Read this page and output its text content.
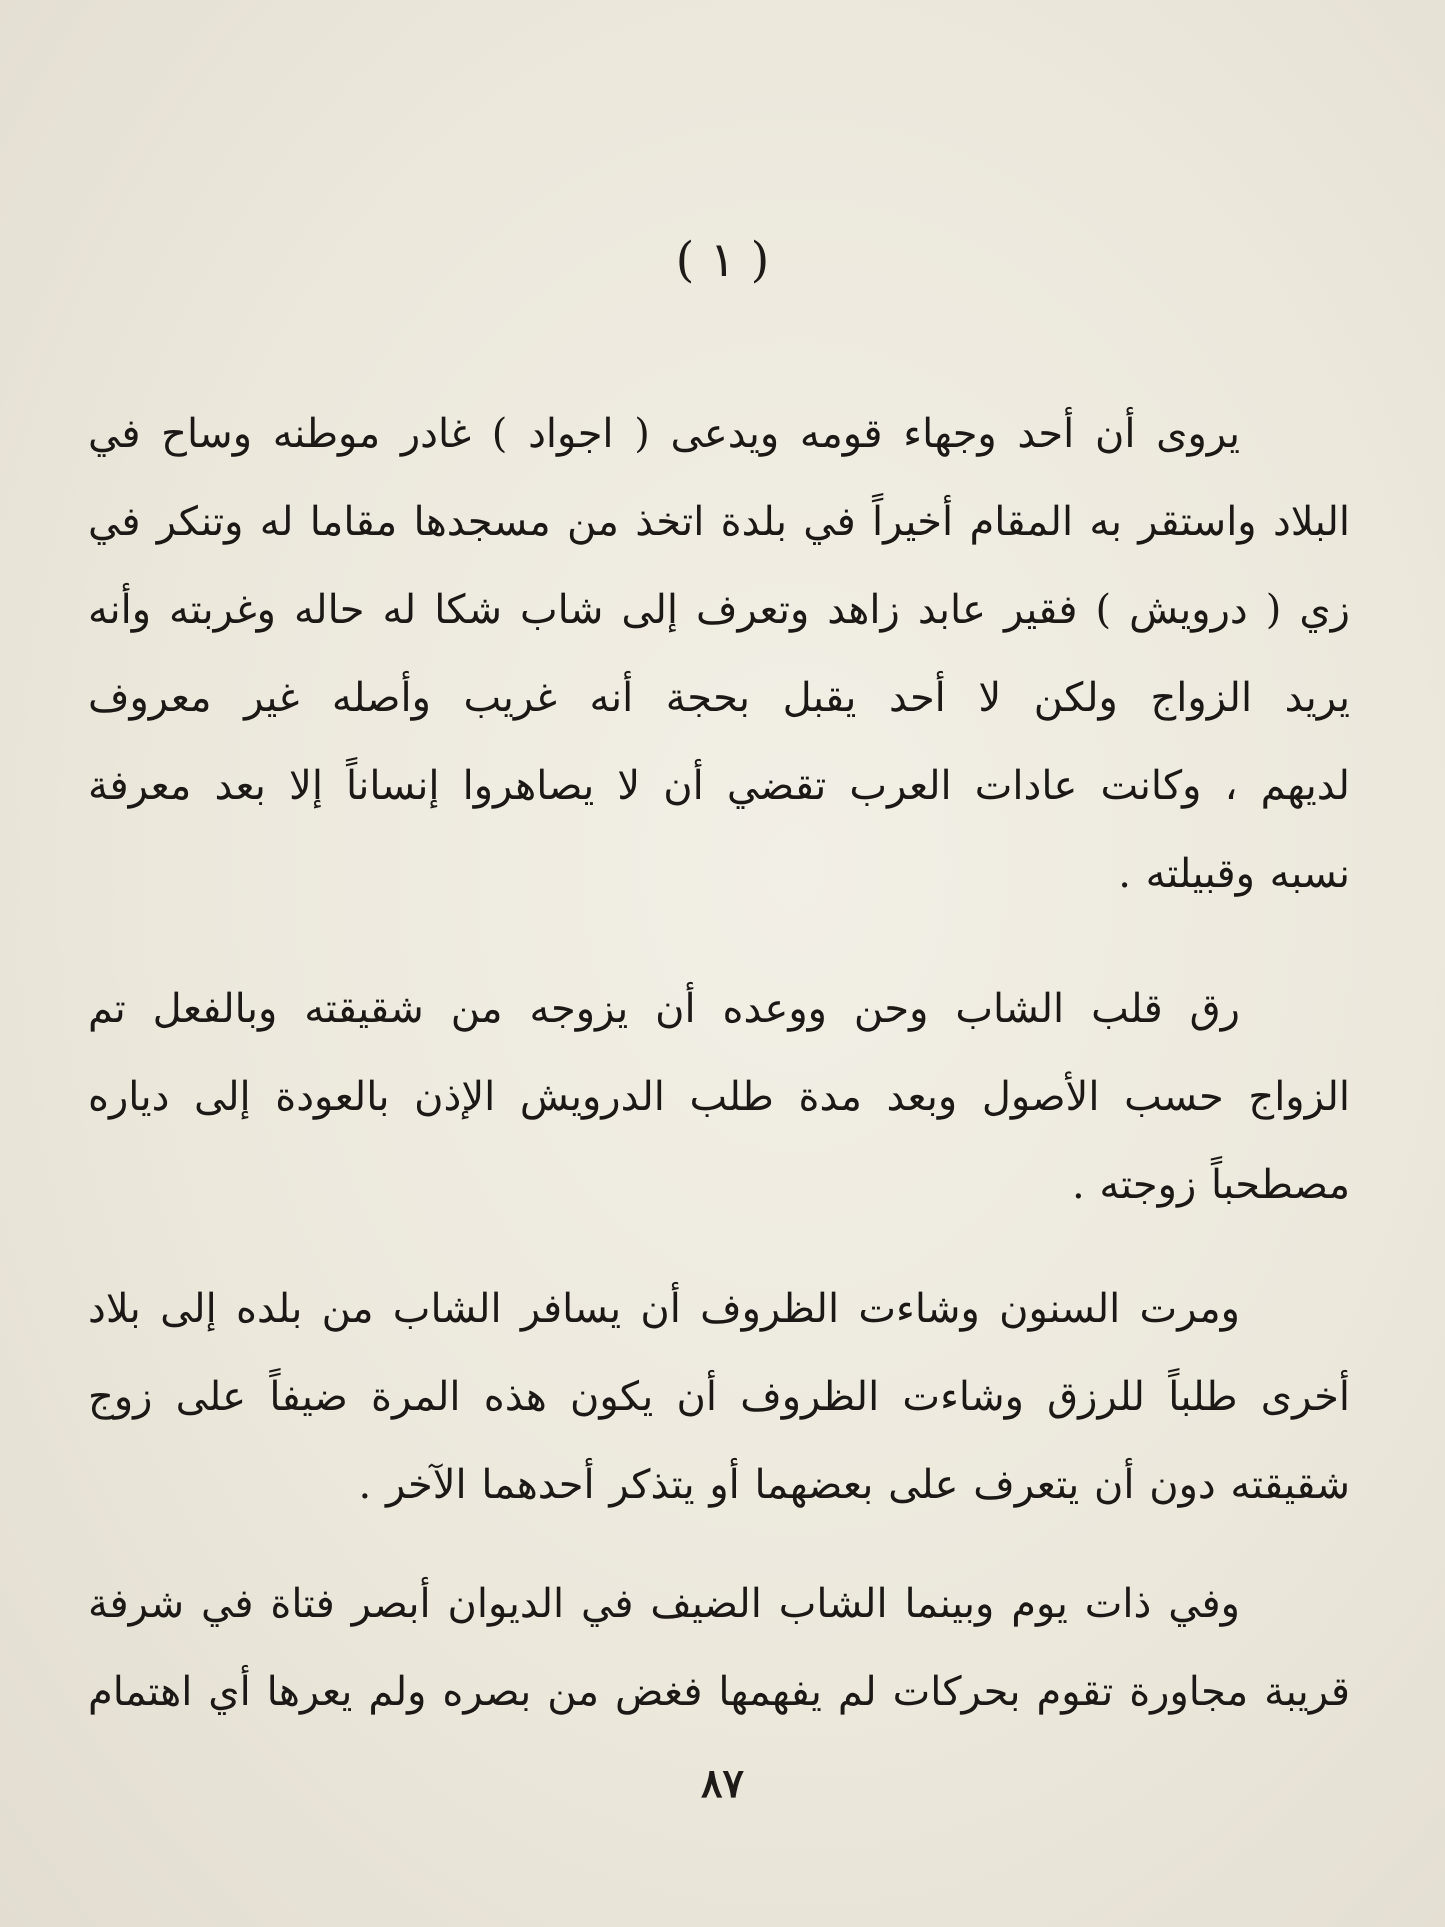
( ١ )
يروى أن أحد وجهاء قومه ويدعى ( اجواد ) غادر موطنه وساح في
البلاد واستقر به المقام أخيراً في بلدة اتخذ من مسجدها مقاما له وتنكر في
زي ( درويش ) فقير عابد زاهد وتعرف إلى شاب شكا له حاله وغربته وأنه
يريد الزواج ولكن لا أحد يقبل بحجة أنه غريب وأصله غير معروف
لديهم ، وكانت عادات العرب تقضي أن لا يصاهروا إنساناً إلا بعد معرفة
نسبه وقبيلته .
رق قلب الشاب وحن ووعده أن يزوجه من شقيقته وبالفعل تم
الزواج حسب الأصول وبعد مدة طلب الدرويش الإذن بالعودة إلى دياره
مصطحباً زوجته .
ومرت السنون وشاءت الظروف أن يسافر الشاب من بلده إلى بلاد
أخرى طلباً للرزق وشاءت الظروف أن يكون هذه المرة ضيفاً على زوج
شقيقته دون أن يتعرف على بعضهما أو يتذكر أحدهما الآخر .
وفي ذات يوم وبينما الشاب الضيف في الديوان أبصر فتاة في شرفة
قريبة مجاورة تقوم بحركات لم يفهمها فغض من بصره ولم يعرها أي اهتمام
٨٧
